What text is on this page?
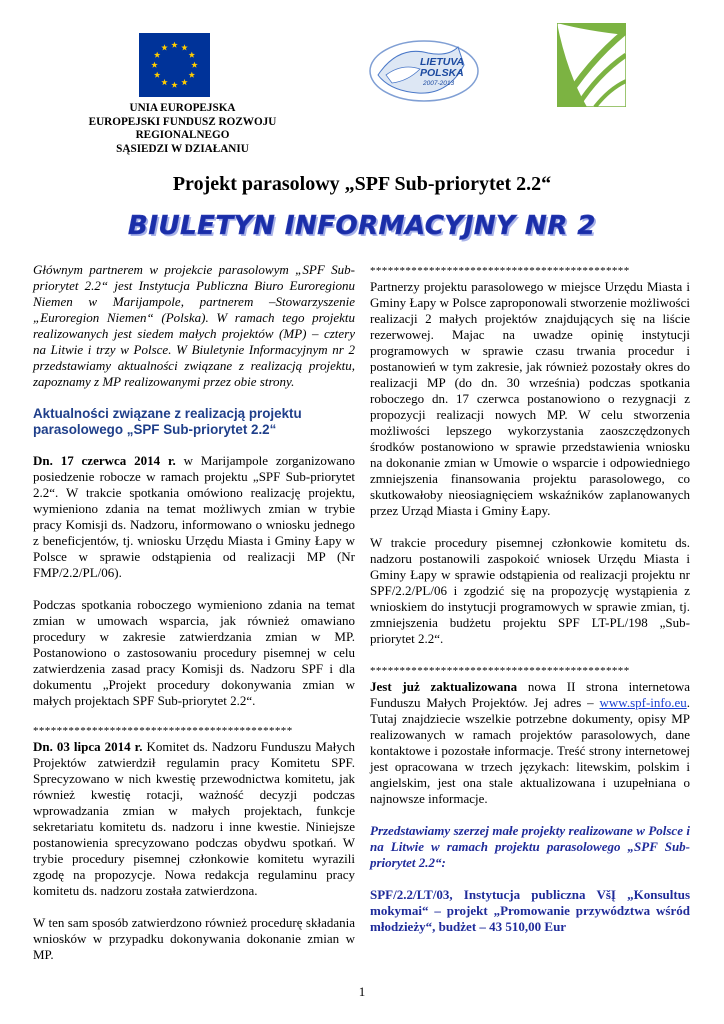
UNIA EUROPEJSKA
EUROPEJSKI FUNDUSZ ROZWOJU
REGIONALNEGO
SĄSIEDZI W DZIAŁANIU
LIETUVA
POLSKA
2007-2013
Projekt parasolowy „SPF Sub-priorytet 2.2“
BIULETYN INFORMACYJNY NR 2

Głównym partnerem w projekcie parasolowym „SPF Sub-priorytet 2.2“ jest Instytucja Publiczna Biuro Euroregionu Niemen w Marijampole, partnerem –Stowarzyszenie „Euroregion Niemen“ (Polska). W ramach tego projektu realizowanych jest siedem małych projektów (MP) – cztery na Litwie i trzy w Polsce. W Biuletynie Informacyjnym nr 2 przedstawiamy aktualności związane z realizacją projektu, zapoznamy z MP realizowanymi przez obie strony.

Aktualności związane z realizacją projektu parasolowego „SPF Sub-priorytet 2.2“

Dn. 17 czerwca 2014 r. w Marijampole zorganizowano posiedzenie robocze w ramach projektu „SPF Sub-priorytet 2.2“. W trakcie spotkania omówiono realizację projektu, wymieniono zdania na temat możliwych zmian w trybie pracy Komisji ds. Nadzoru, informowano o wniosku jednego z beneficjentów, tj. wniosku Urzędu Miasta i Gminy Łapy w Polsce w sprawie odstąpienia od realizacji MP (Nr FMP/2.2/PL/06).

Podczas spotkania roboczego wymieniono zdania na temat zmian w umowach wsparcia, jak również omawiano procedury w zakresie zatwierdzania zmian w MP. Postanowiono o zastosowaniu procedury pisemnej w celu zatwierdzenia zasad pracy Komisji ds. Nadzoru SPF i dla dokumentu „Projekt procedury dokonywania zmian w małych projektach SPF Sub-priorytet 2.2“.

********************************************

Dn. 03 lipca 2014 r. Komitet ds. Nadzoru Funduszu Małych Projektów zatwierdził regulamin pracy Komitetu SPF. Sprecyzowano w nich kwestię przewodnictwa komitetu, jak również kwestię rotacji, ważność decyzji podczas wprowadzania zmian w małych projektach, funkcje sekretariatu komitetu ds. nadzoru i inne kwestie. Niniejsze postanowienia sprecyzowano podczas obydwu spotkań. W trybie procedury pisemnej członkowie komitetu wyrazili zgodę na propozycje. Nowa redakcja regulaminu pracy komitetu ds. nadzoru została zatwierdzona.

W ten sam sposób zatwierdzono również procedurę składania wniosków w przypadku dokonywania dokonanie zmian w MP.

********************************************

Partnerzy projektu parasolowego w miejsce Urzędu Miasta i Gminy Łapy w Polsce zaproponowali stworzenie możliwości realizacji 2 małych projektów znajdujących się na liście rezerwowej. Majac na uwadze opinię instytucji programowych w sprawie czasu trwania procedur i postanowień w tym zakresie, jak również pozostały okres do realizacji MP (do dn. 30 września) podczas spotkania roboczego dn. 17 czerwca postanowiono o rezygnacji z propozycji realizacji nowych MP. W celu stworzenia możliwości lepszego wykorzystania zaoszczędzonych środków postanowiono w sprawie przedstawienia wniosku na dokonanie zmian w Umowie o wsparcie i odpowiedniego zmniejszenia finansowania projektu parasolowego, co skutkowałoby nieosiagnięciem wskaźników zaplanowanych przez Urząd Miasta i Gminy Łapy.

W trakcie procedury pisemnej członkowie komitetu ds. nadzoru postanowili zaspokoić wniosek Urzędu Miasta i Gminy Łapy w sprawie odstąpienia od realizacji projektu nr SPF/2.2/PL/06 i zgodzić się na propozycję wystąpienia z wnioskiem do instytucji programowych w sprawie zmian, tj. zmniejszenia budżetu projektu SPF LT-PL/198 „Sub-priorytet 2.2“.

********************************************

Jest już zaktualizowana nowa II strona internetowa Funduszu Małych Projektów. Jej adres – www.spf-info.eu. Tutaj znajdziecie wszelkie potrzebne dokumenty, opisy MP realizowanych w ramach projektów parasolowych, dane kontaktowe i pozostałe informacje. Treść strony internetowej jest opracowana w trzech językach: litewskim, polskim i angielskim, jest ona stale aktualizowana i uzupełniana o najnowsze informacje.

Przedstawiamy szerzej małe projekty realizowane w Polsce i na Litwie w ramach projektu parasolowego „SPF Sub-priorytet 2.2“:

SPF/2.2/LT/03, Instytucja publiczna VšĮ „Konsultus mokymai“ – projekt „Promowanie przywództwa wśród młodzieży“, budżet – 43 510,00 Eur

1
